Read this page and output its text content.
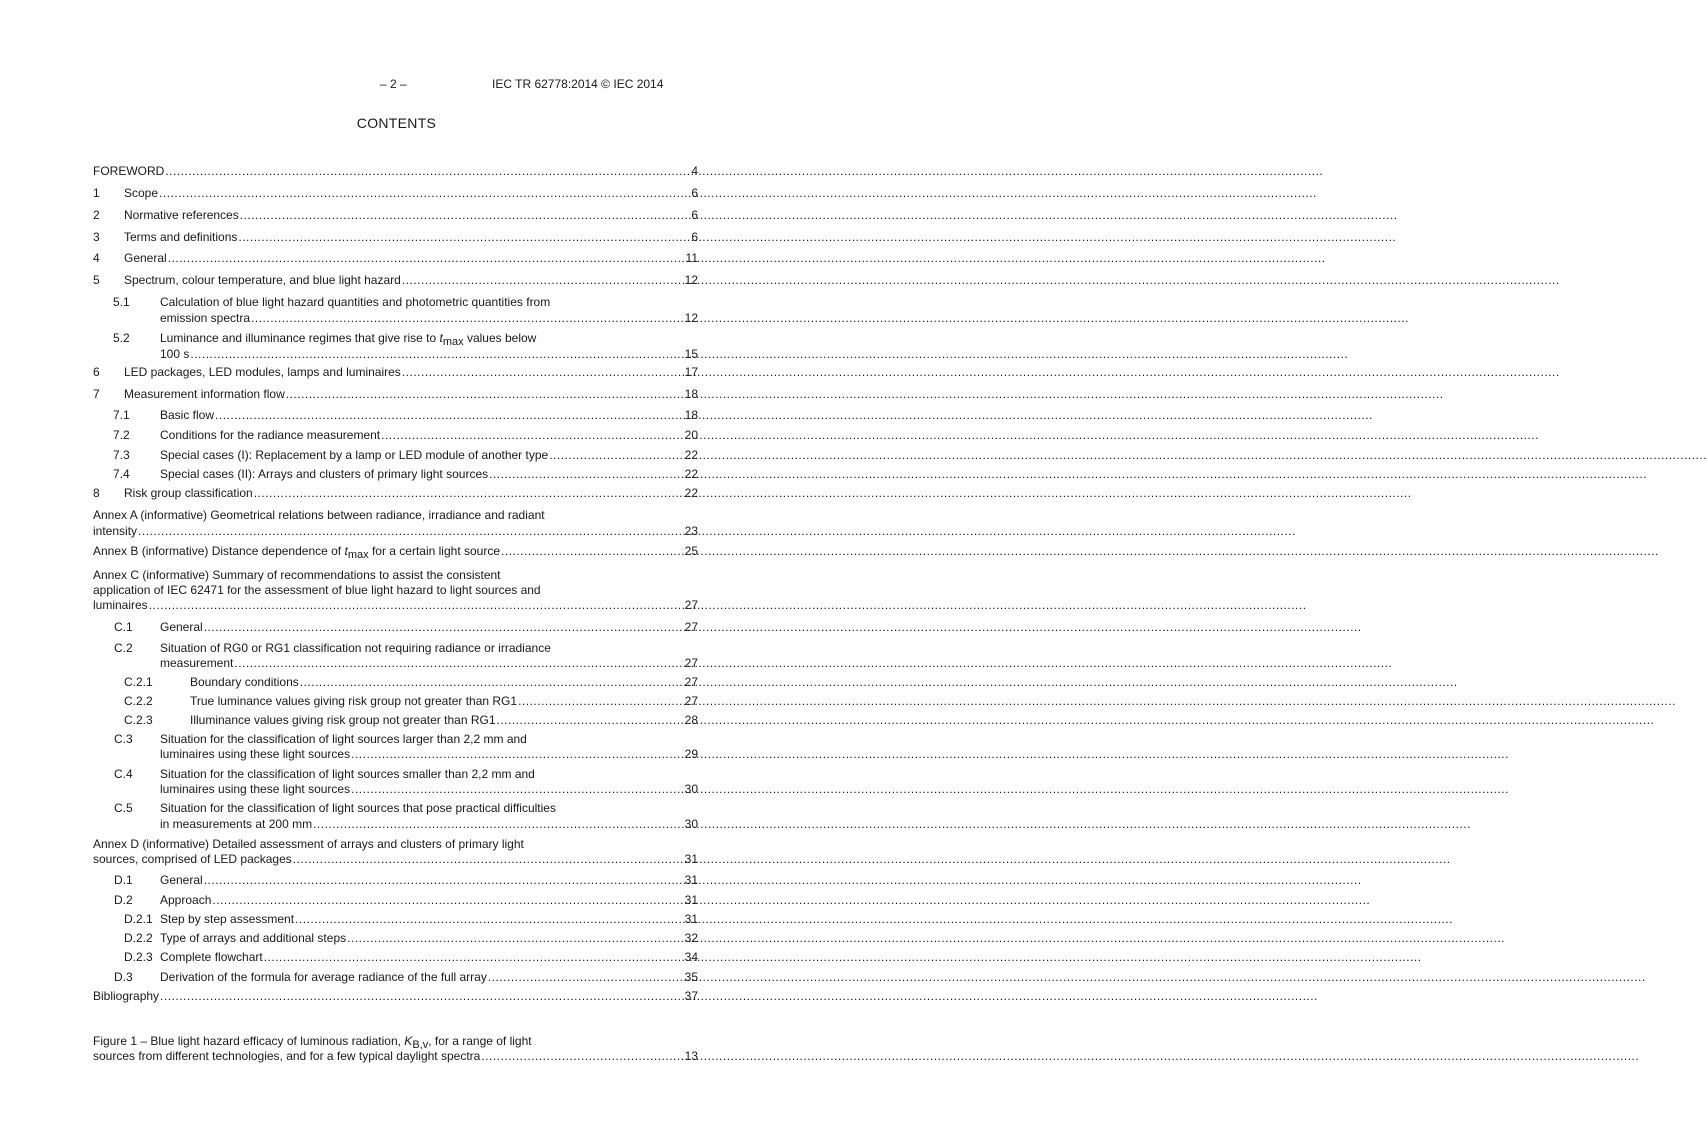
– 2 –	IEC TR 62778:2014 © IEC 2014
CONTENTS
FOREWORD .....	4
1	Scope .....	6
2	Normative references .....	6
3	Terms and definitions .....	6
4	General .....	11
5	Spectrum, colour temperature, and blue light hazard .....	12
5.1	Calculation of blue light hazard quantities and photometric quantities from
emission spectra .....	12
5.2	Luminance and illuminance regimes that give rise to $t_{max}$ values below
100 s .....	15
6	LED packages, LED modules, lamps and luminaires .....	17
7	Measurement information flow .....	18
7.1	Basic flow .....	18
7.2	Conditions for the radiance measurement .....	20
7.3	Special cases (I): Replacement by a lamp or LED module of another type .....	22
7.4	Special cases (II): Arrays and clusters of primary light sources .....	22
8	Risk group classification .....	22
Annex A (informative) Geometrical relations between radiance, irradiance and radiant
intensity .....	23
Annex B (informative) Distance dependence of $t_{max}$ for a certain light source .....	25
Annex C (informative) Summary of recommendations to assist the consistent
application of IEC 62471 for the assessment of blue light hazard to light sources and
luminaires .....	27
C.1	General .....	27
C.2 Situation of RG0 or RG1 classification not requiring radiance or irradiance
measurement .....	27
C.2.1	Boundary conditions .....	27
C.2.2	True luminance values giving risk group not greater than RG1 .....	27
C.2.3	Illuminance values giving risk group not greater than RG1 .....	28
C.3 Situation for the classification of light sources larger than 2,2 mm and
luminaires using these light sources .....	29
C.4 Situation for the classification of light sources smaller than 2,2 mm and
luminaires using these light sources .....	30
C.5 Situation for the classification of light sources that pose practical difficulties
in measurements at 200 mm .....	30
Annex D (informative) Detailed assessment of arrays and clusters of primary light
sources, comprised of LED packages .....	31
D.1	General .....	31
D.2	Approach .....	31
D.2.1 Step by step assessment .....	31
D.2.2 Type of arrays and additional steps .....	32
D.2.3 Complete flowchart .....	34
D.3	Derivation of the formula for average radiance of the full array .....	35
Bibliography .....	37
Figure 1 – Blue light hazard efficacy of luminous radiation, $K_{B,v}$, for a range of light
sources from different technologies, and for a few typical daylight spectra .....	13
